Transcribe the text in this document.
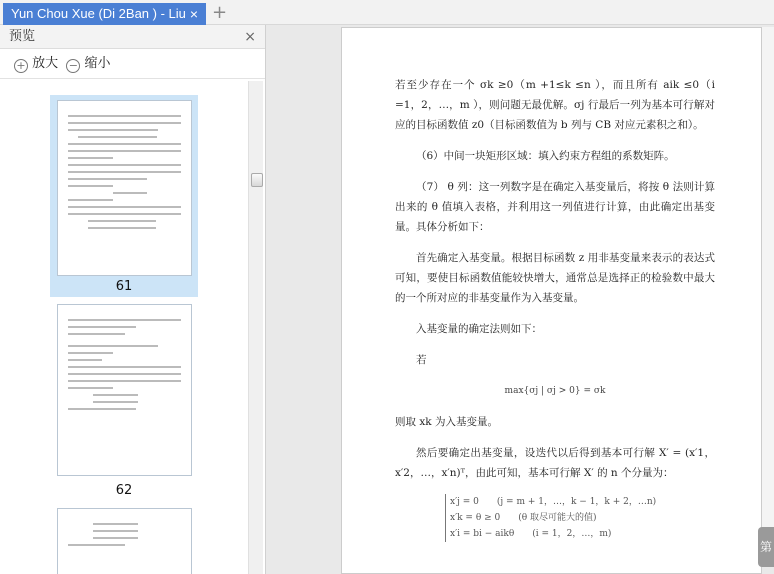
Yun Chou Xue (Di 2Ban ) - Liu × +
预览	×
+ 放大 − 缩小
61
62

若至少存在一个 σk ≥0（m +1≤k ≤n ），而且所有 aik ≤0（i =1，2，…，m ），则问题无最优解。σj 行最后一列为基本可行解对应的目标函数值 z0（目标函数值为 b 列与 CB 对应元素积之和）。

（6）中间一块矩形区域：填入约束方程组的系数矩阵。

（7） θ 列：这一列数字是在确定入基变量后，将按 θ 法则计算出来的 θ 值填入表格，并利用这一列值进行计算，由此确定出基变量。具体分析如下：

首先确定入基变量。根据目标函数 z 用非基变量来表示的表达式可知，要使目标函数值能较快增大，通常总是选择正的检验数中最大的一个所对应的非基变量作为入基变量。

入基变量的确定法则如下：

若

max{σj | σj > 0} = σk

则取 xk 为入基变量。

然后要确定出基变量，设迭代以后得到基本可行解 X′ = (x′1，x′2，…，x′n)ᵀ，由此可知，基本可行解 X′ 的 n 个分量为：

x′j = 0　　(j = m + 1，…，k − 1，k + 2，…n)
x′k = θ ≥ 0　　(θ 取尽可能大的值)
x′i = bi − aikθ　　(i = 1，2，…，m)
第
